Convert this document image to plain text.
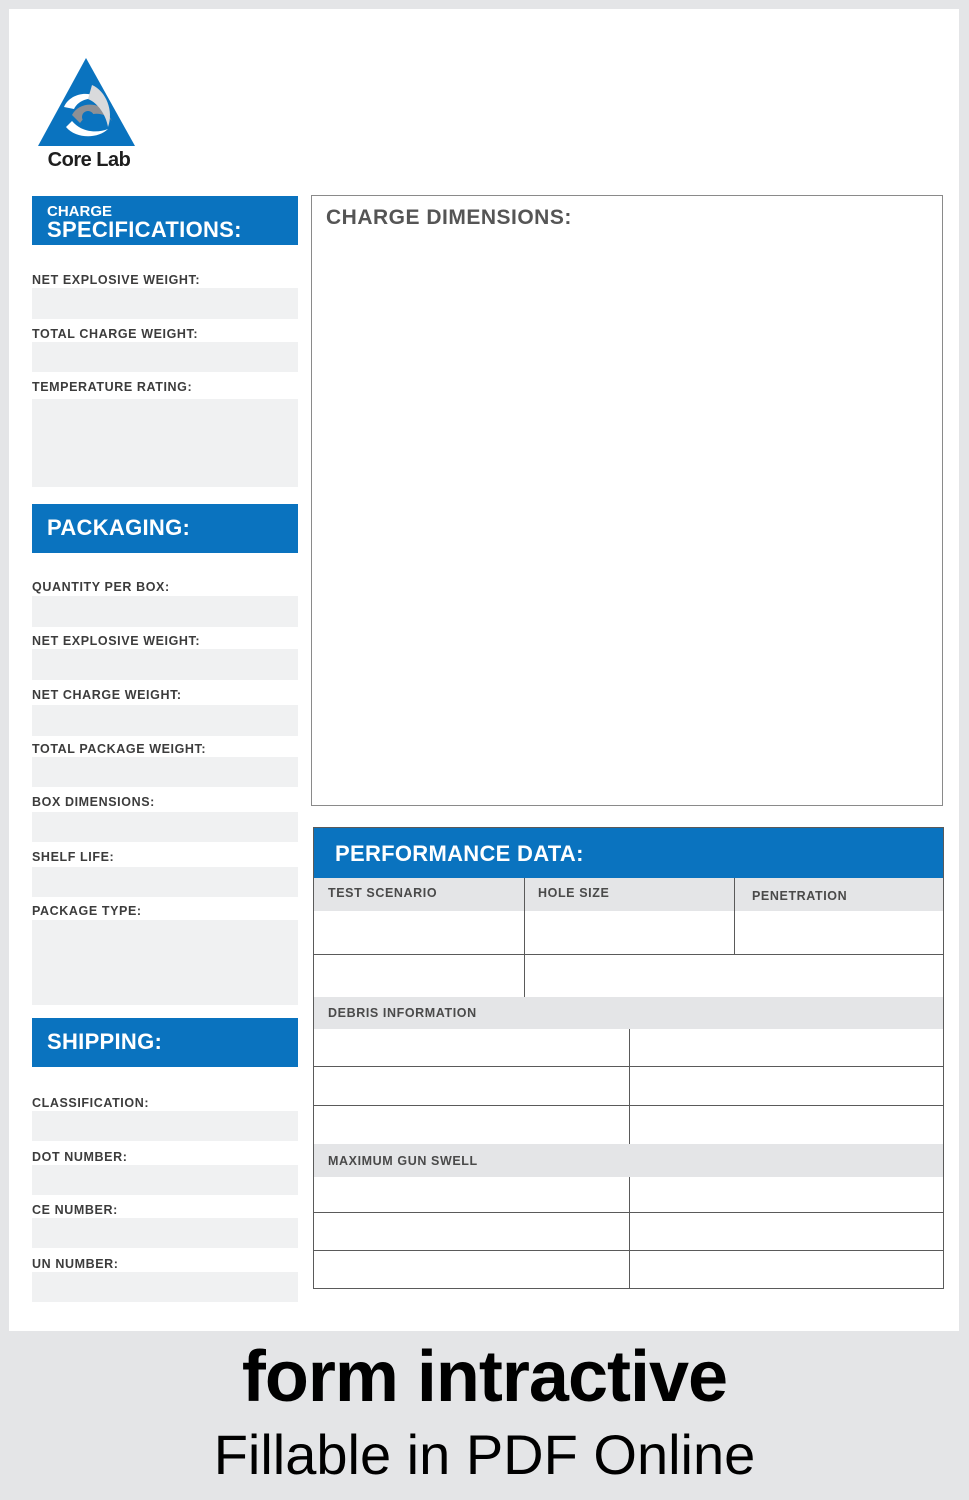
Core Lab
CHARGE
SPECIFICATIONS:
NET EXPLOSIVE WEIGHT:
TOTAL CHARGE WEIGHT:
TEMPERATURE RATING:
PACKAGING:
QUANTITY PER BOX:
NET EXPLOSIVE WEIGHT:
NET CHARGE WEIGHT:
TOTAL PACKAGE WEIGHT:
BOX DIMENSIONS:
SHELF LIFE:
PACKAGE TYPE:
SHIPPING:
CLASSIFICATION:
DOT NUMBER:
CE NUMBER:
UN NUMBER:
CHARGE DIMENSIONS:
PERFORMANCE DATA:
TEST SCENARIO	HOLE SIZE	PENETRATION
DEBRIS INFORMATION
MAXIMUM GUN SWELL
form intractive
Fillable in PDF Online
